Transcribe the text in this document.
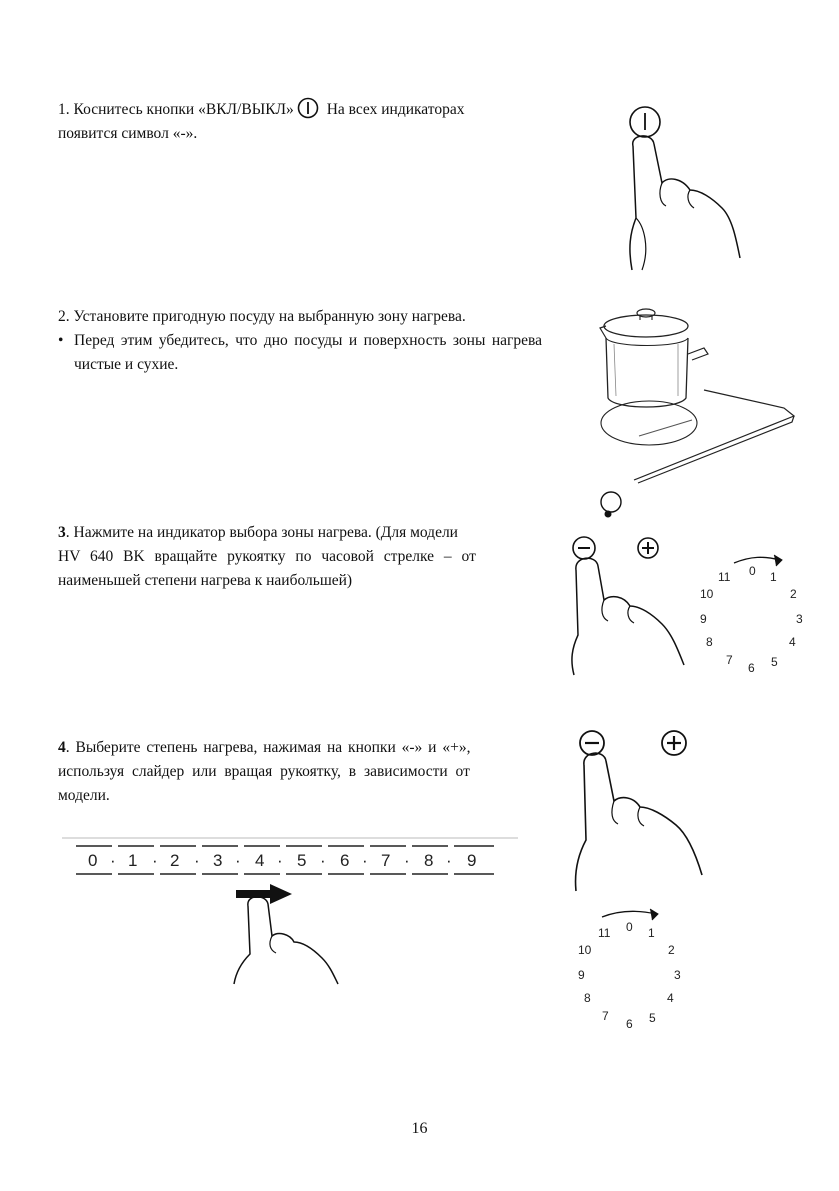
1. Коснитесь кнопки «ВКЛ/ВЫКЛ» На всех индикаторах

появится символ «-».

2. Установите пригодную посуду на выбранную зону нагрева.

• Перед этим убедитесь, что дно посуды и поверхность зоны нагрева чистые и сухие.

3. Нажмите на индикатор выбора зоны нагрева. (Для модели

HV 640 BK вращайте рукоятку по часовой стрелке – от

наименьшей степени нагрева к наибольшей)

0 1
2
3
4
5
6
7
8
9
10
11

4. Выберите степень нагрева, нажимая на кнопки «-» и «+»,

используя слайдер или вращая рукоятку, в зависимости от

модели.

0 · 1 · 2 · 3 · 4 · 5 · 6 · 7 · 8 · 9
0 1
2
3
4
5
6
7
8
9
10
11
16
